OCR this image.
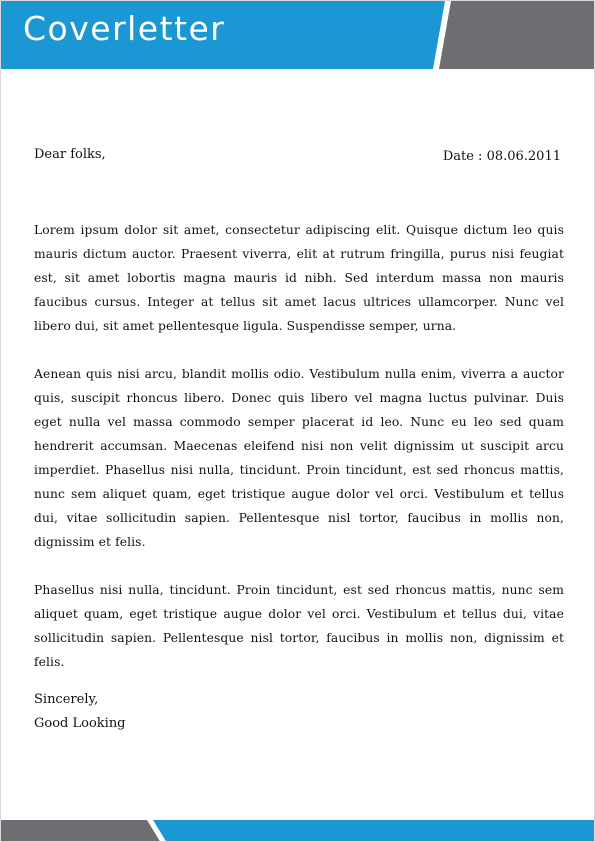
Coverletter
Dear folks,	Date : 08.06.2011

Lorem ipsum dolor sit amet, consectetur adipiscing elit. Quisque dictum leo quis mauris dictum auctor. Praesent viverra, elit at rutrum fringilla, purus nisi feugiat est, sit amet lobortis magna mauris id nibh. Sed interdum massa non mauris faucibus cursus. Integer at tellus sit amet lacus ultrices ullamcorper. Nunc vel libero dui, sit amet pellentesque ligula. Suspendisse semper, urna.

Aenean quis nisi arcu, blandit mollis odio. Vestibulum nulla enim, viverra a auctor quis, suscipit rhoncus libero. Donec quis libero vel magna luctus pulvinar. Duis eget nulla vel massa commodo semper placerat id leo. Nunc eu leo sed quam hendrerit accumsan. Maecenas eleifend nisi non velit dignissim ut suscipit arcu imperdiet. Phasellus nisi nulla, tincidunt. Proin tincidunt, est sed rhoncus mattis, nunc sem aliquet quam, eget tristique augue dolor vel orci. Vestibulum et tellus dui, vitae sollicitudin sapien. Pellentesque nisl tortor, faucibus in mollis non, dignissim et felis.

Phasellus nisi nulla, tincidunt. Proin tincidunt, est sed rhoncus mattis, nunc sem aliquet quam, eget tristique augue dolor vel orci. Vestibulum et tellus dui, vitae sollicitudin sapien. Pellentesque nisl tortor, faucibus in mollis non, dignissim et felis.

Sincerely,
Good Looking
